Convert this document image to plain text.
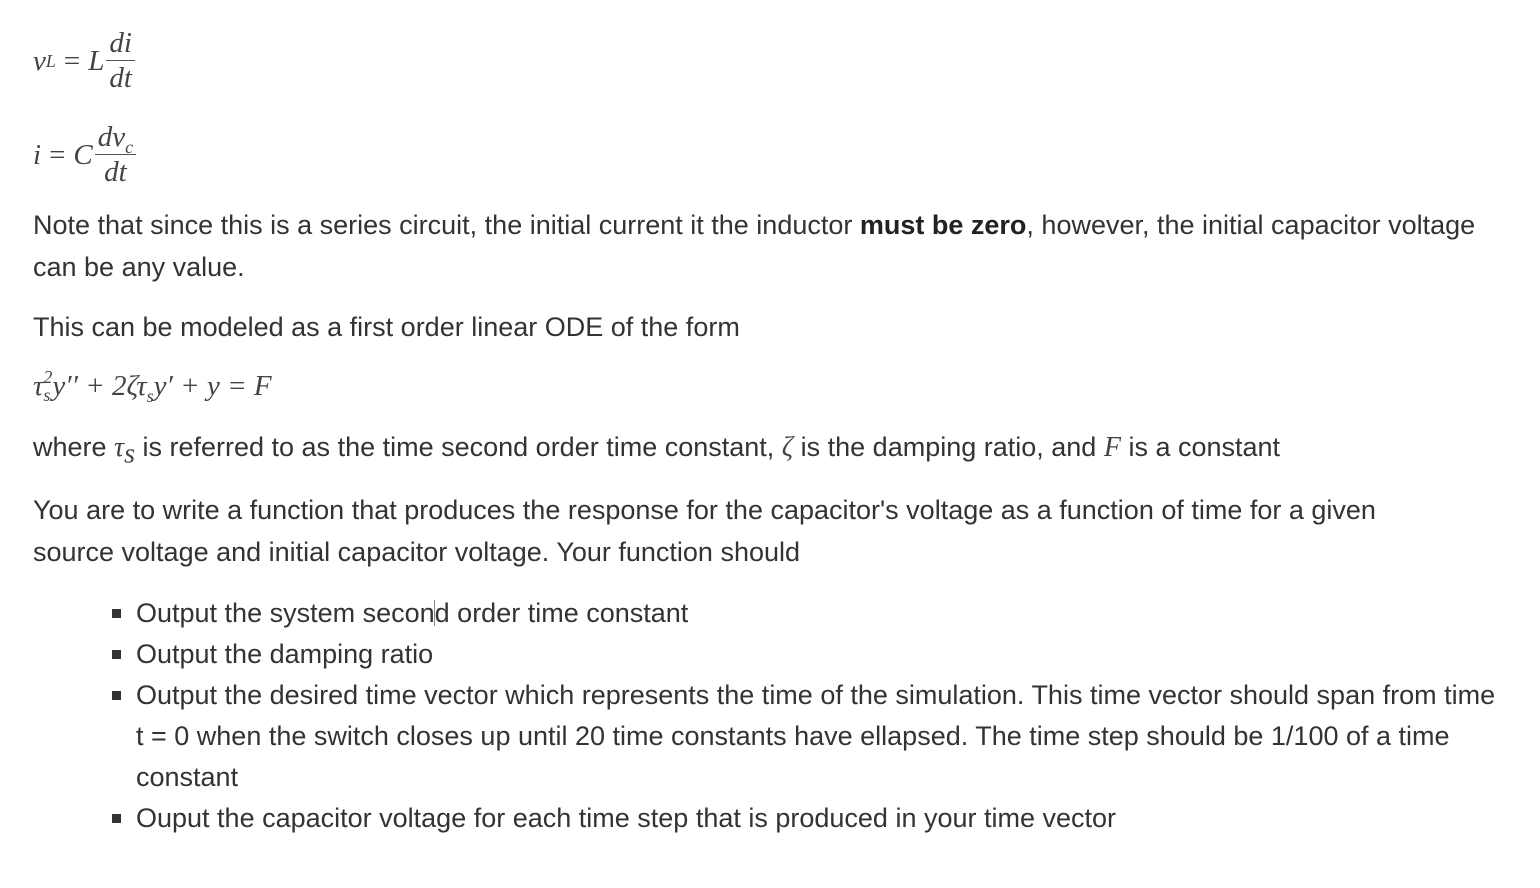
v L = L $\frac{di}{dt}$
i = C $\frac{dv_c}{dt}$

Note that since this is a series circuit, the initial current it the inductor must be zero, however, the initial capacitor voltage can be any value.

This can be modeled as a first order linear ODE of the form

τ 2
s $y'' + 2\zeta\tau_sy' + y = F$

where $\tau_s$ is referred to as the time second order time constant, ζ is the damping ratio, and F is a constant

You are to write a function that produces the response for the capacitor's voltage as a function of time for a given source voltage and initial capacitor voltage. Your function should

Output the system second order time constant
Output the damping ratio
Output the desired time vector which represents the time of the simulation. This time vector should span from time t = 0 when the switch closes up until 20 time constants have ellapsed. The time step should be 1/100 of a time constant
Ouput the capacitor voltage for each time step that is produced in your time vector
